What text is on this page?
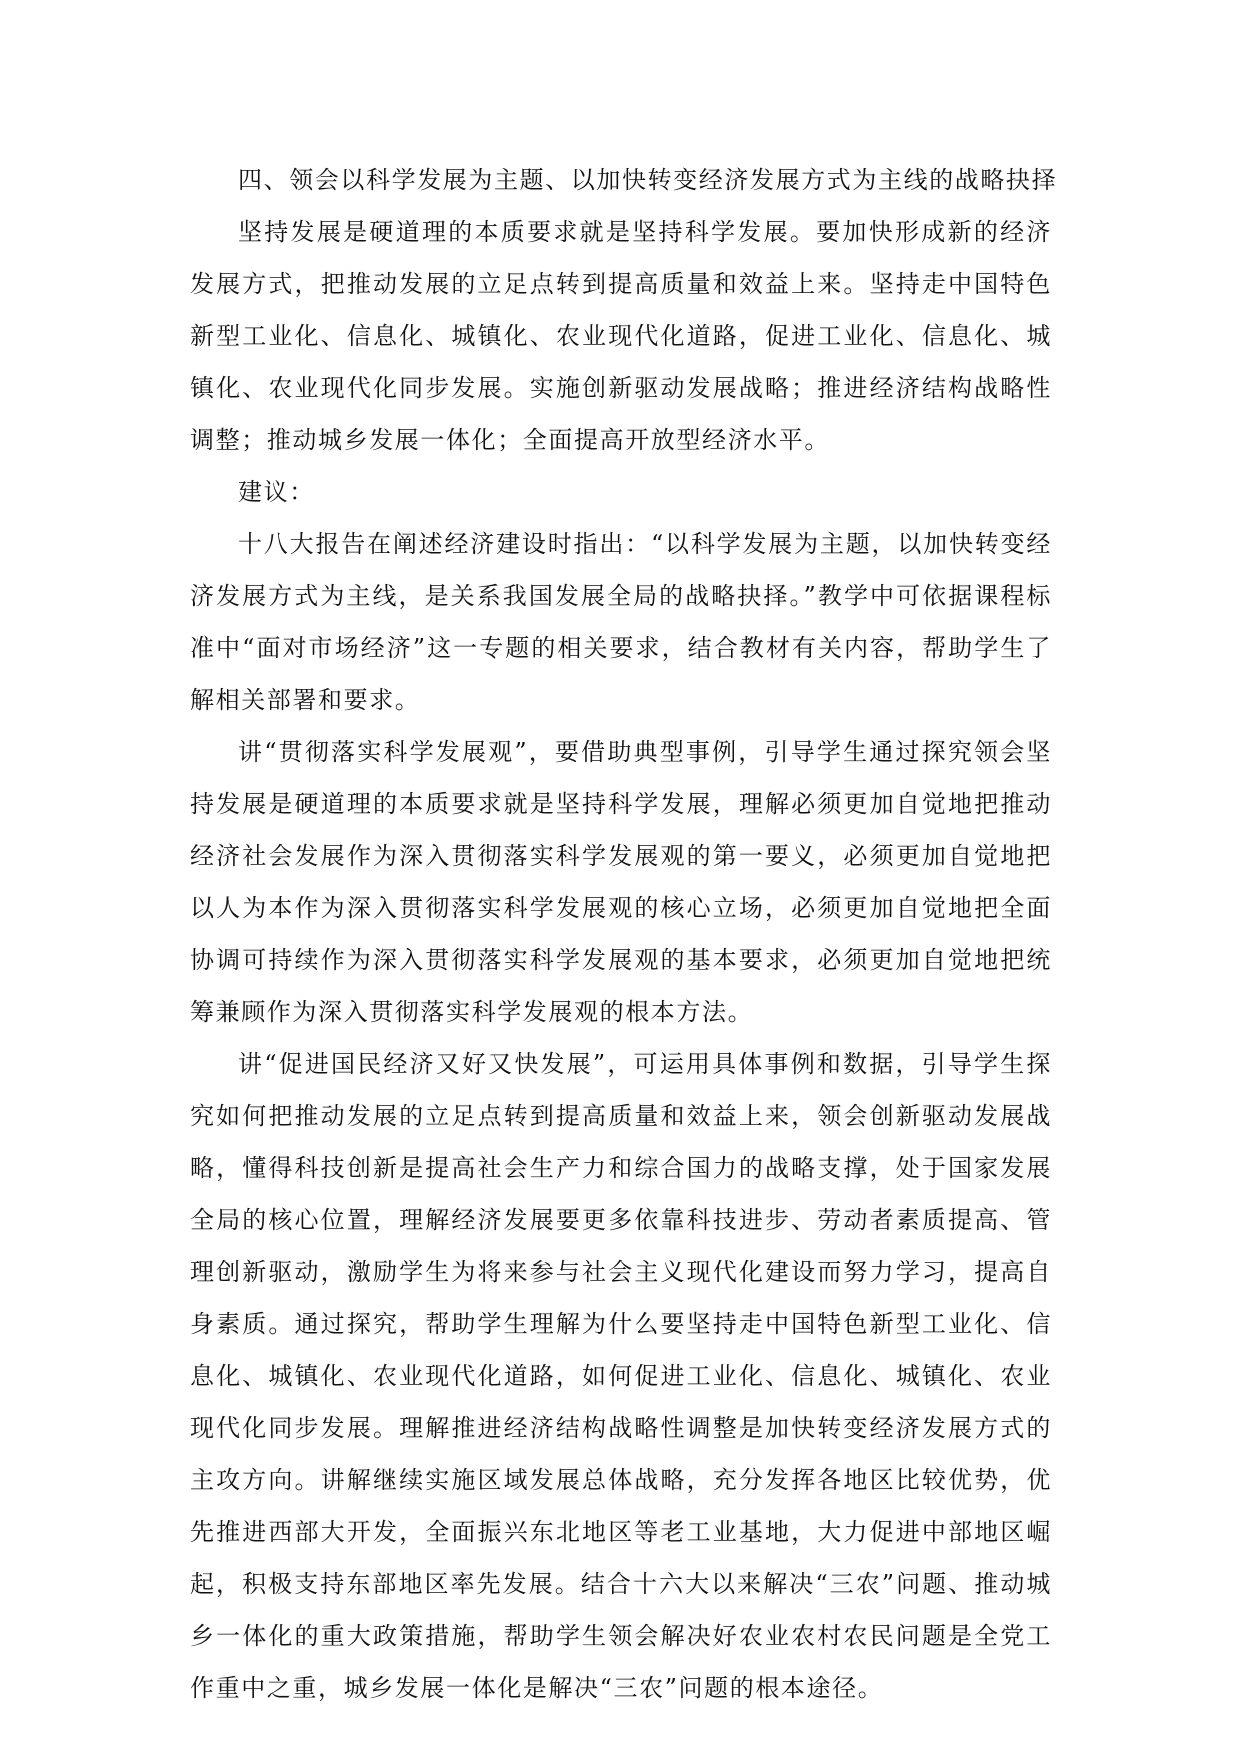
四、领会以科学发展为主题、以加快转变经济发展方式为主线的战略抉择

坚持发展是硬道理的本质要求就是坚持科学发展。要加快形成新的经济发展方式，把推动发展的立足点转到提高质量和效益上来。坚持走中国特色新型工业化、信息化、城镇化、农业现代化道路，促进工业化、信息化、城镇化、农业现代化同步发展。实施创新驱动发展战略；推进经济结构战略性调整；推动城乡发展一体化；全面提高开放型经济水平。

建议：

十八大报告在阐述经济建设时指出：“以科学发展为主题，以加快转变经济发展方式为主线，是关系我国发展全局的战略抉择。”教学中可依据课程标准中“面对市场经济”这一专题的相关要求，结合教材有关内容，帮助学生了解相关部署和要求。

讲“贯彻落实科学发展观”，要借助典型事例，引导学生通过探究领会坚持发展是硬道理的本质要求就是坚持科学发展，理解必须更加自觉地把推动经济社会发展作为深入贯彻落实科学发展观的第一要义，必须更加自觉地把以人为本作为深入贯彻落实科学发展观的核心立场，必须更加自觉地把全面协调可持续作为深入贯彻落实科学发展观的基本要求，必须更加自觉地把统筹兼顾作为深入贯彻落实科学发展观的根本方法。

讲“促进国民经济又好又快发展”，可运用具体事例和数据，引导学生探究如何把推动发展的立足点转到提高质量和效益上来，领会创新驱动发展战略，懂得科技创新是提高社会生产力和综合国力的战略支撑，处于国家发展全局的核心位置，理解经济发展要更多依靠科技进步、劳动者素质提高、管理创新驱动，激励学生为将来参与社会主义现代化建设而努力学习，提高自身素质。通过探究，帮助学生理解为什么要坚持走中国特色新型工业化、信息化、城镇化、农业现代化道路，如何促进工业化、信息化、城镇化、农业现代化同步发展。理解推进经济结构战略性调整是加快转变经济发展方式的主攻方向。讲解继续实施区域发展总体战略，充分发挥各地区比较优势，优先推进西部大开发，全面振兴东北地区等老工业基地，大力促进中部地区崛起，积极支持东部地区率先发展。结合十六大以来解决“三农”问题、推动城乡一体化的重大政策措施，帮助学生领会解决好农业农村农民问题是全党工作重中之重，城乡发展一体化是解决“三农”问题的根本途径。
